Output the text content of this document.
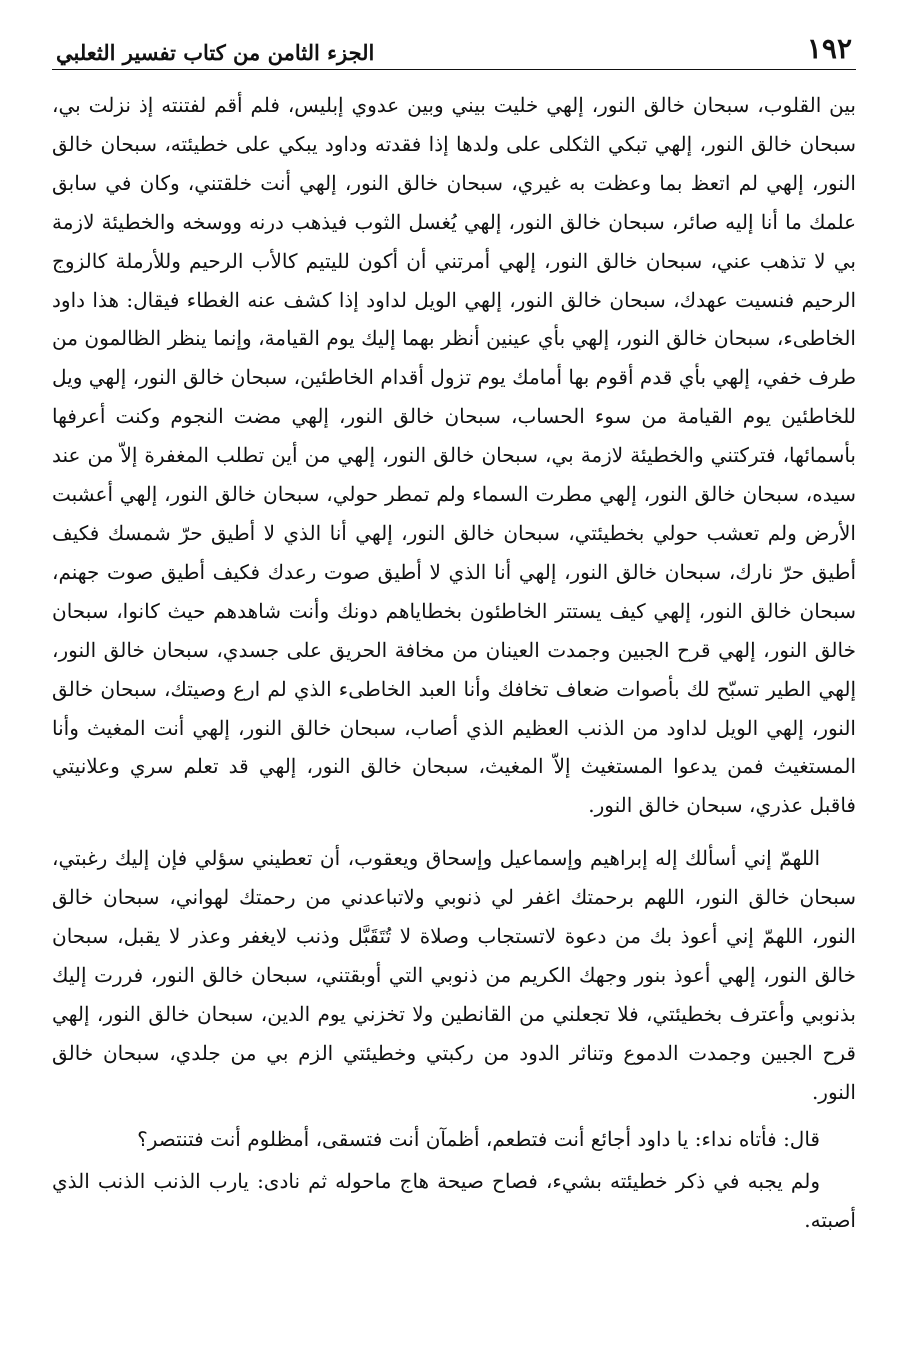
١٩٢
الجزء الثامن من كتاب تفسير الثعلبي

بين القلوب، سبحان خالق النور، إلهي خليت بيني وبين عدوي إبليس، فلم أقم لفتنته إذ نزلت بي، سبحان خالق النور، إلهي تبكي الثكلى على ولدها إذا فقدته وداود يبكي على خطيئته، سبحان خالق النور، إلهي لم اتعظ بما وعظت به غيري، سبحان خالق النور، إلهي أنت خلقتني، وكان في سابق علمك ما أنا إليه صائر، سبحان خالق النور، إلهي يُغسل الثوب فيذهب درنه ووسخه والخطيئة لازمة بي لا تذهب عني، سبحان خالق النور، إلهي أمرتني أن أكون لليتيم كالأب الرحيم وللأرملة كالزوج الرحيم فنسيت عهدك، سبحان خالق النور، إلهي الويل لداود إذا كشف عنه الغطاء فيقال: هذا داود الخاطىء، سبحان خالق النور، إلهي بأي عينين أنظر بهما إليك يوم القيامة، وإنما ينظر الظالمون من طرف خفي، إلهي بأي قدم أقوم بها أمامك يوم تزول أقدام الخاطئين، سبحان خالق النور، إلهي ويل للخاطئين يوم القيامة من سوء الحساب، سبحان خالق النور، إلهي مضت النجوم وكنت أعرفها بأسمائها، فتركتني والخطيئة لازمة بي، سبحان خالق النور، إلهي من أين تطلب المغفرة إلاّ من عند سيده، سبحان خالق النور، إلهي مطرت السماء ولم تمطر حولي، سبحان خالق النور، إلهي أعشبت الأرض ولم تعشب حولي بخطيئتي، سبحان خالق النور، إلهي أنا الذي لا أطيق حرّ شمسك فكيف أطيق حرّ نارك، سبحان خالق النور، إلهي أنا الذي لا أطيق صوت رعدك فكيف أطيق صوت جهنم، سبحان خالق النور، إلهي كيف يستتر الخاطئون بخطاياهم دونك وأنت شاهدهم حيث كانوا، سبحان خالق النور، إلهي قرح الجبين وجمدت العينان من مخافة الحريق على جسدي، سبحان خالق النور، إلهي الطير تسبّح لك بأصوات ضعاف تخافك وأنا العبد الخاطىء الذي لم ارع وصيتك، سبحان خالق النور، إلهي الويل لداود من الذنب العظيم الذي أصاب، سبحان خالق النور، إلهي أنت المغيث وأنا المستغيث فمن يدعوا المستغيث إلاّ المغيث، سبحان خالق النور، إلهي قد تعلم سري وعلانيتي فاقبل عذري، سبحان خالق النور.

اللهمّ إني أسألك إله إبراهيم وإسماعيل وإسحاق ويعقوب، أن تعطيني سؤلي فإن إليك رغبتي، سبحان خالق النور، اللهم برحمتك اغفر لي ذنوبي ولاتباعدني من رحمتك لهواني، سبحان خالق النور، اللهمّ إني أعوذ بك من دعوة لاتستجاب وصلاة لا تُتَقَبَّل وذنب لايغفر وعذر لا يقبل، سبحان خالق النور، إلهي أعوذ بنور وجهك الكريم من ذنوبي التي أوبقتني، سبحان خالق النور، فررت إليك بذنوبي وأعترف بخطيئتي، فلا تجعلني من القانطين ولا تخزني يوم الدين، سبحان خالق النور، إلهي قرح الجبين وجمدت الدموع وتناثر الدود من ركبتي وخطيئتي الزم بي من جلدي، سبحان خالق النور.

قال: فأتاه نداء: يا داود أجائع أنت فتطعم، أظمآن أنت فتسقى، أمظلوم أنت فتنتصر؟

ولم يجبه في ذكر خطيئته بشيء، فصاح صيحة هاج ماحوله ثم نادى: يارب الذنب الذنب الذي أصبته.
